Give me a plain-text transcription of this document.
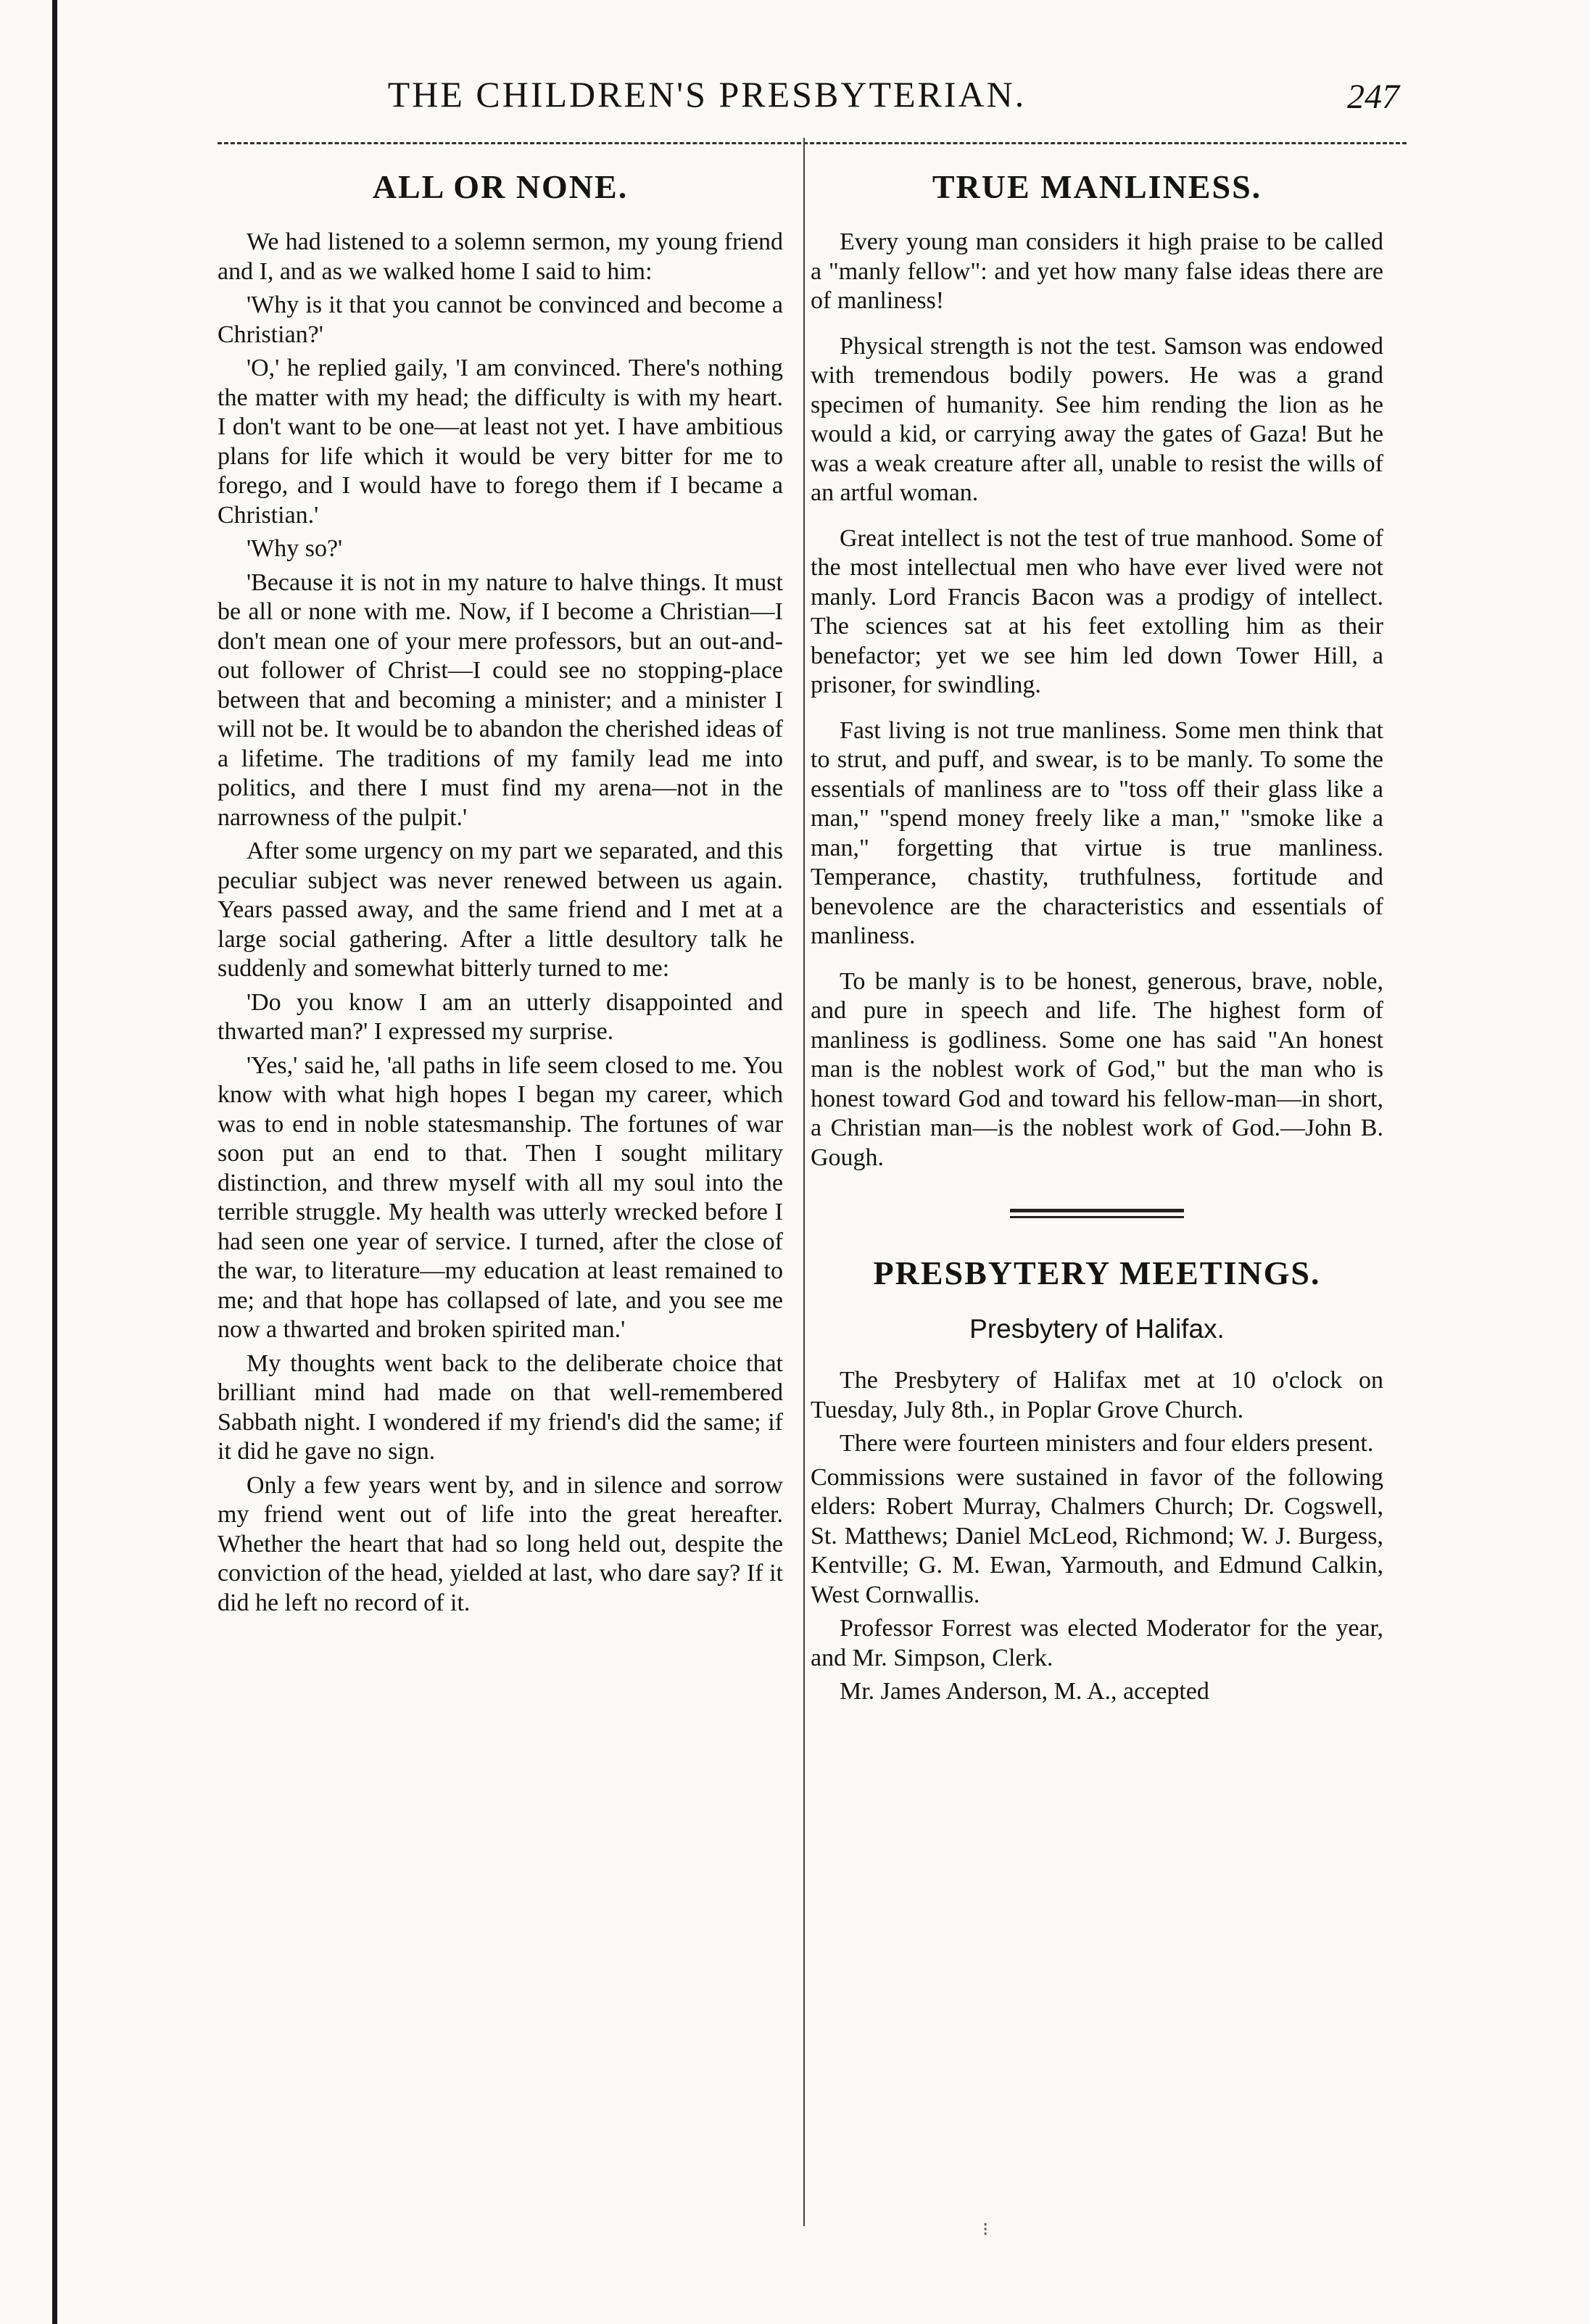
THE CHILDREN'S PRESBYTERIAN.	247
ALL OR NONE.

We had listened to a solemn sermon, my young friend and I, and as we walked home I said to him:

'Why is it that you cannot be convinced and become a Christian?'

'O,' he replied gaily, 'I am convinced. There's nothing the matter with my head; the difficulty is with my heart. I don't want to be one—at least not yet. I have ambitious plans for life which it would be very bitter for me to forego, and I would have to forego them if I became a Christian.'

'Why so?'

'Because it is not in my nature to halve things. It must be all or none with me. Now, if I become a Christian—I don't mean one of your mere professors, but an out-and-out follower of Christ—I could see no stopping-place between that and becoming a minister; and a minister I will not be. It would be to abandon the cherished ideas of a lifetime. The traditions of my family lead me into politics, and there I must find my arena—not in the narrowness of the pulpit.'

After some urgency on my part we separated, and this peculiar subject was never renewed between us again. Years passed away, and the same friend and I met at a large social gathering. After a little desultory talk he suddenly and somewhat bitterly turned to me:

'Do you know I am an utterly disappointed and thwarted man?' I expressed my surprise.

'Yes,' said he, 'all paths in life seem closed to me. You know with what high hopes I began my career, which was to end in noble statesmanship. The fortunes of war soon put an end to that. Then I sought military distinction, and threw myself with all my soul into the terrible struggle. My health was utterly wrecked before I had seen one year of service. I turned, after the close of the war, to literature—my education at least remained to me; and that hope has collapsed of late, and you see me now a thwarted and broken spirited man.'

My thoughts went back to the deliberate choice that brilliant mind had made on that well-remembered Sabbath night. I wondered if my friend's did the same; if it did he gave no sign.

Only a few years went by, and in silence and sorrow my friend went out of life into the great hereafter. Whether the heart that had so long held out, despite the conviction of the head, yielded at last, who dare say? If it did he left no record of it.

TRUE MANLINESS.

Every young man considers it high praise to be called a "manly fellow": and yet how many false ideas there are of manliness!

Physical strength is not the test. Samson was endowed with tremendous bodily powers. He was a grand specimen of humanity. See him rending the lion as he would a kid, or carrying away the gates of Gaza! But he was a weak creature after all, unable to resist the wills of an artful woman.

Great intellect is not the test of true manhood. Some of the most intellectual men who have ever lived were not manly. Lord Francis Bacon was a prodigy of intellect. The sciences sat at his feet extolling him as their benefactor; yet we see him led down Tower Hill, a prisoner, for swindling.

Fast living is not true manliness. Some men think that to strut, and puff, and swear, is to be manly. To some the essentials of manliness are to "toss off their glass like a man," "spend money freely like a man," "smoke like a man," forgetting that virtue is true manliness. Temperance, chastity, truthfulness, fortitude and benevolence are the characteristics and essentials of manliness.

To be manly is to be honest, generous, brave, noble, and pure in speech and life. The highest form of manliness is godliness. Some one has said "An honest man is the noblest work of God," but the man who is honest toward God and toward his fellow-man—in short, a Christian man—is the noblest work of God.—John B. Gough.

PRESBYTERY MEETINGS.
Presbytery of Halifax.

The Presbytery of Halifax met at 10 o'clock on Tuesday, July 8th., in Poplar Grove Church.

There were fourteen ministers and four elders present.

Commissions were sustained in favor of the following elders: Robert Murray, Chalmers Church; Dr. Cogswell, St. Matthews; Daniel McLeod, Richmond; W. J. Burgess, Kentville; G. M. Ewan, Yarmouth, and Edmund Calkin, West Cornwallis.

Professor Forrest was elected Moderator for the year, and Mr. Simpson, Clerk.

Mr. James Anderson, M. A., accepted

⁝
